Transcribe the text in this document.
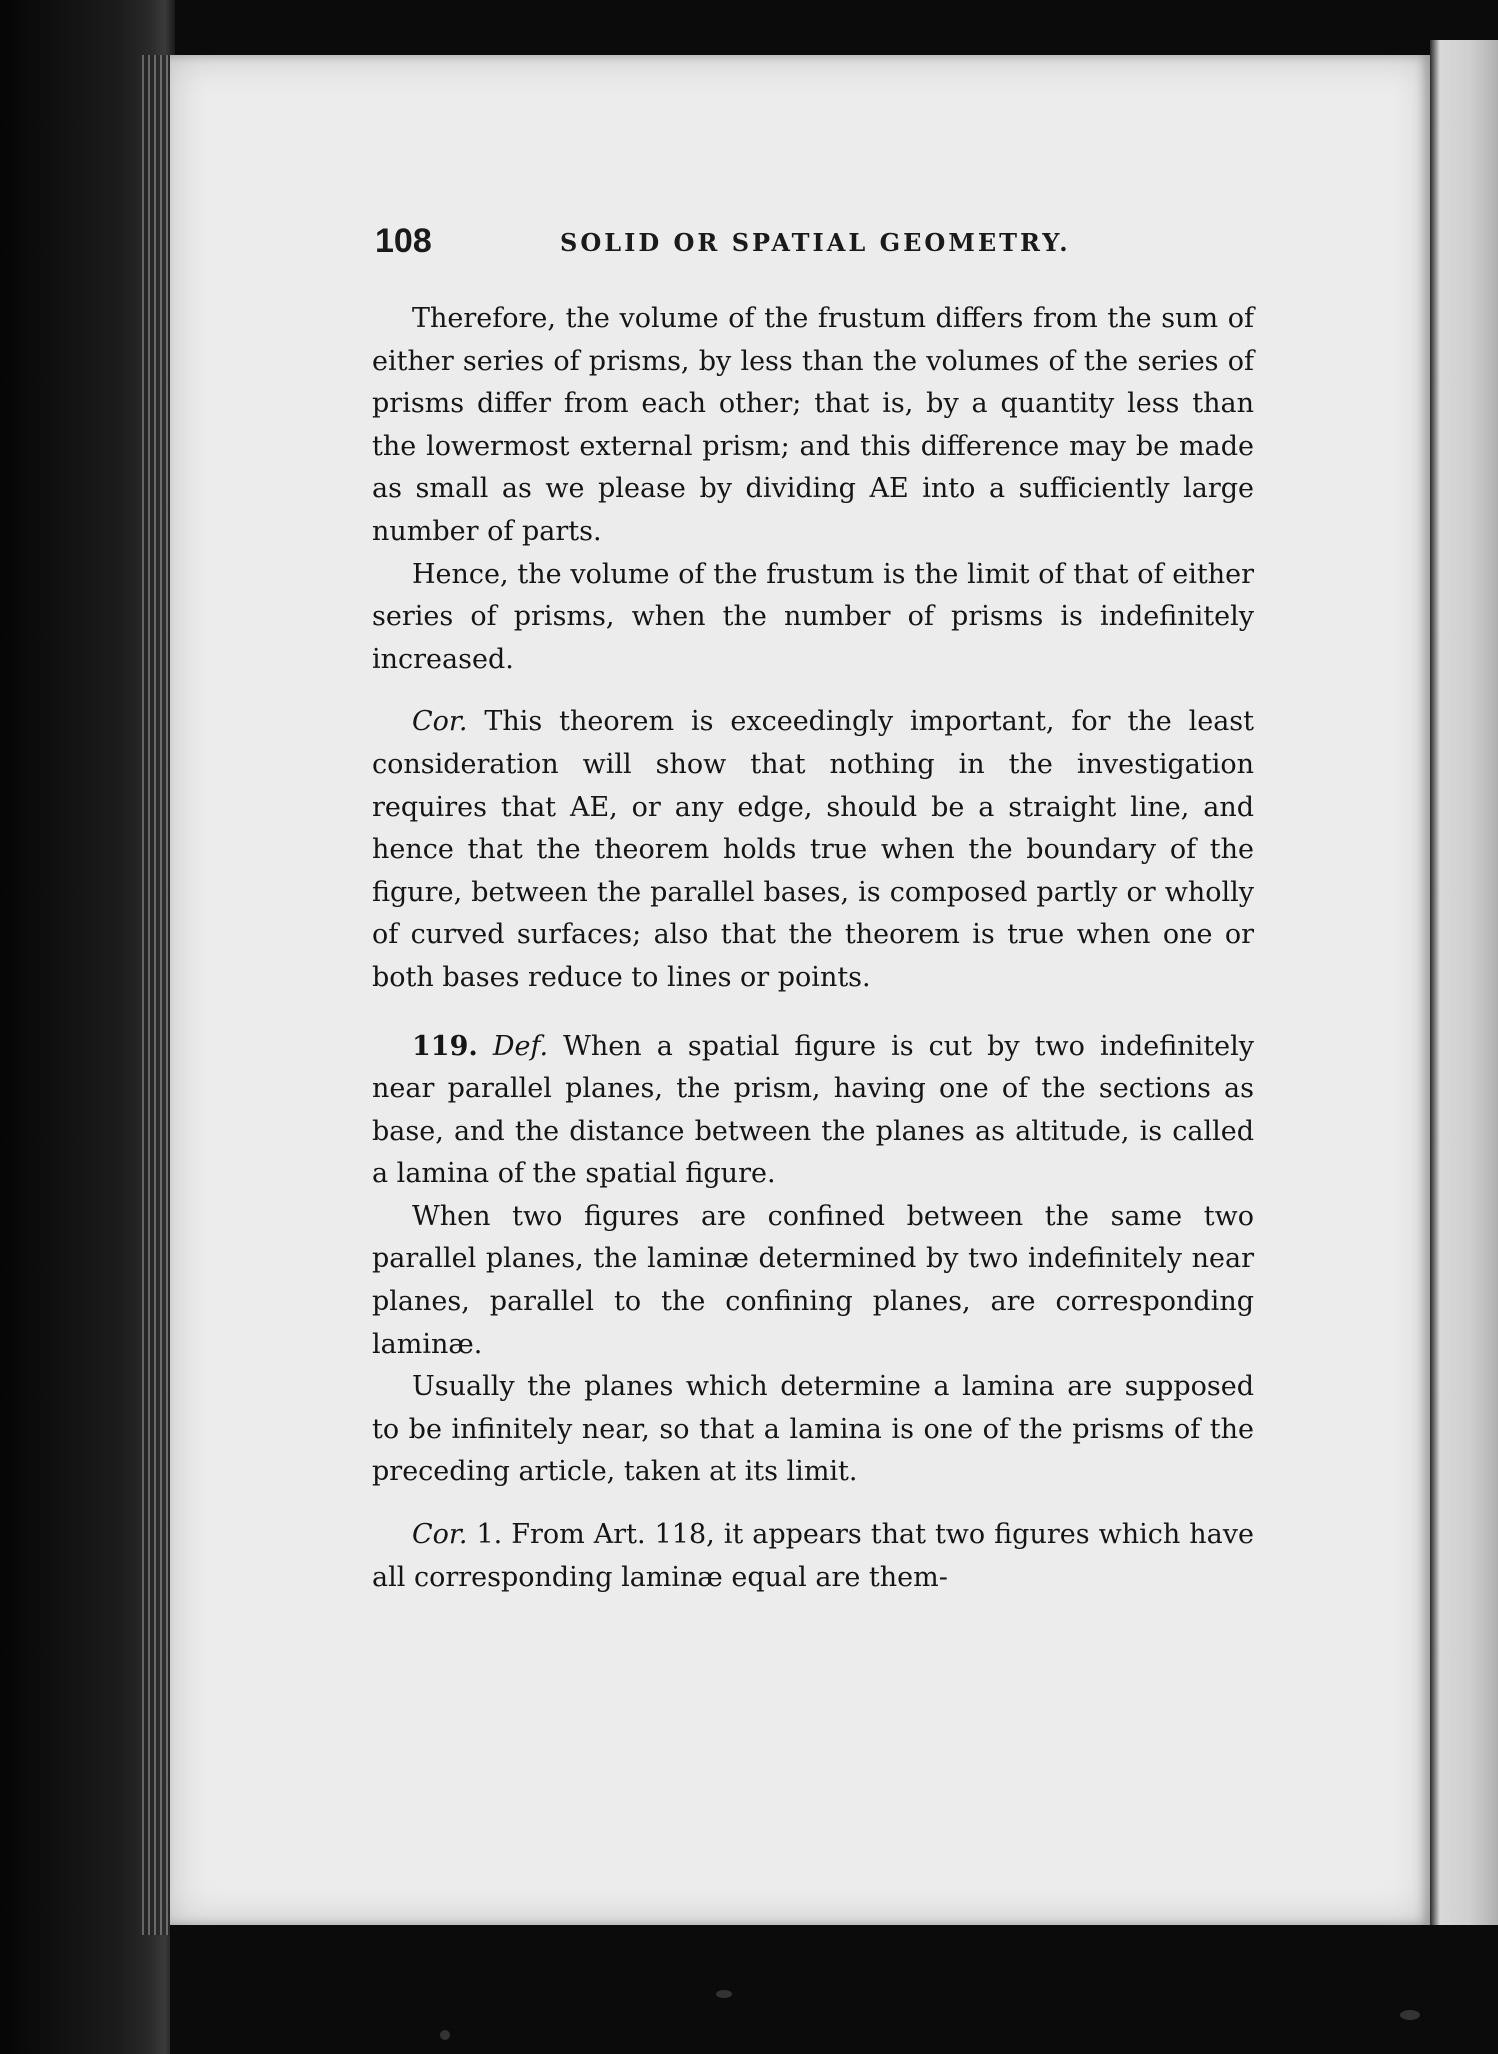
108	SOLID OR SPATIAL GEOMETRY.

Therefore, the volume of the frustum differs from the sum of either series of prisms, by less than the volumes of the series of prisms differ from each other; that is, by a quantity less than the lowermost external prism; and this difference may be made as small as we please by dividing AE into a sufficiently large number of parts.

Hence, the volume of the frustum is the limit of that of either series of prisms, when the number of prisms is indefinitely increased.

Cor. This theorem is exceedingly important, for the least consideration will show that nothing in the investigation requires that AE, or any edge, should be a straight line, and hence that the theorem holds true when the boundary of the figure, between the parallel bases, is composed partly or wholly of curved surfaces; also that the theorem is true when one or both bases reduce to lines or points.

119. Def. When a spatial figure is cut by two indefinitely near parallel planes, the prism, having one of the sections as base, and the distance between the planes as altitude, is called a lamina of the spatial figure.

When two figures are confined between the same two parallel planes, the laminæ determined by two indefinitely near planes, parallel to the confining planes, are corresponding laminæ.

Usually the planes which determine a lamina are supposed to be infinitely near, so that a lamina is one of the prisms of the preceding article, taken at its limit.

Cor. 1. From Art. 118, it appears that two figures which have all corresponding laminæ equal are them-
